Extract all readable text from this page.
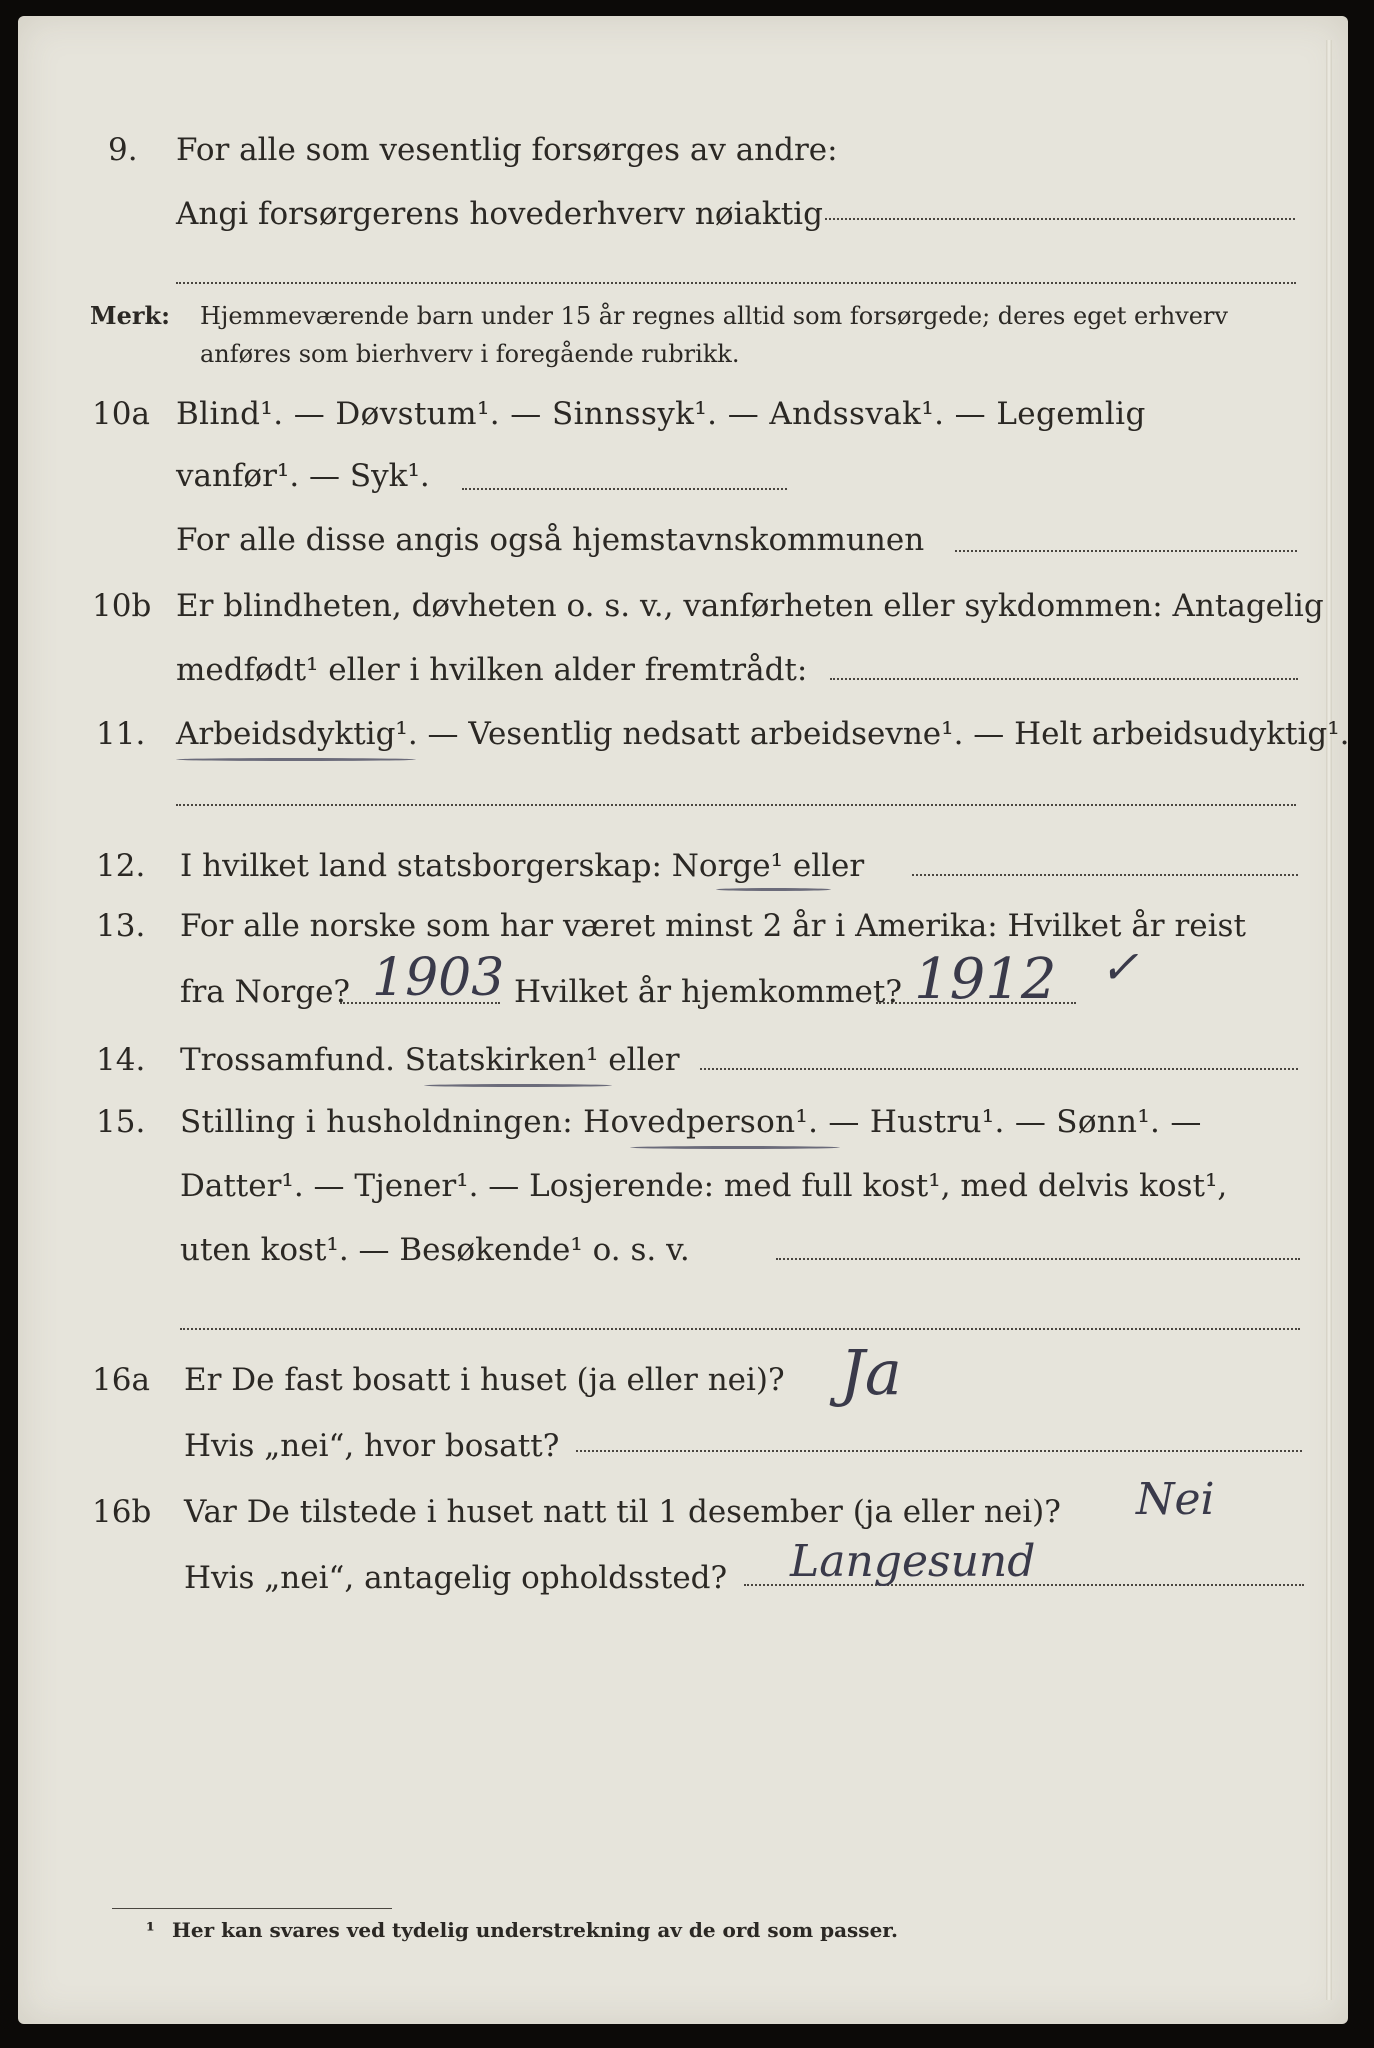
9. For alle som vesentlig forsørges av andre:
Angi forsørgerens hovederhverv nøiaktig
Merk: Hjemmeværende barn under 15 år regnes alltid som forsørgede; deres eget erhverv
anføres som bierhverv i foregående rubrikk.
10a Blind¹. — Døvstum¹. — Sinnssyk¹. — Andssvak¹. — Legemlig
vanfør¹. — Syk¹.
For alle disse angis også hjemstavnskommunen
10b Er blindheten, døvheten o. s. v., vanførheten eller sykdommen: Antagelig
medfødt¹ eller i hvilken alder fremtrådt:
11. Arbeidsdyktig¹. — Vesentlig nedsatt arbeidsevne¹. — Helt arbeidsudyktig¹.
12. I hvilket land statsborgerskap: Norge¹ eller
13. For alle norske som har været minst 2 år i Amerika: Hvilket år reist
fra Norge?	Hvilket år hjemkommet?
1903	1912 ✓
14. Trossamfund. Statskirken¹ eller
15. Stilling i husholdningen: Hovedperson¹. — Hustru¹. — Sønn¹. —
Datter¹. — Tjener¹. — Losjerende: med full kost¹, med delvis kost¹,
uten kost¹. — Besøkende¹ o. s. v.
16a Er De fast bosatt i huset (ja eller nei)? Ja
Hvis „nei“, hvor bosatt?
16b Var De tilstede i huset natt til 1 desember (ja eller nei)? Nei
Hvis „nei“, antagelig opholdssted? Langesund
¹ Her kan svares ved tydelig understrekning av de ord som passer.
